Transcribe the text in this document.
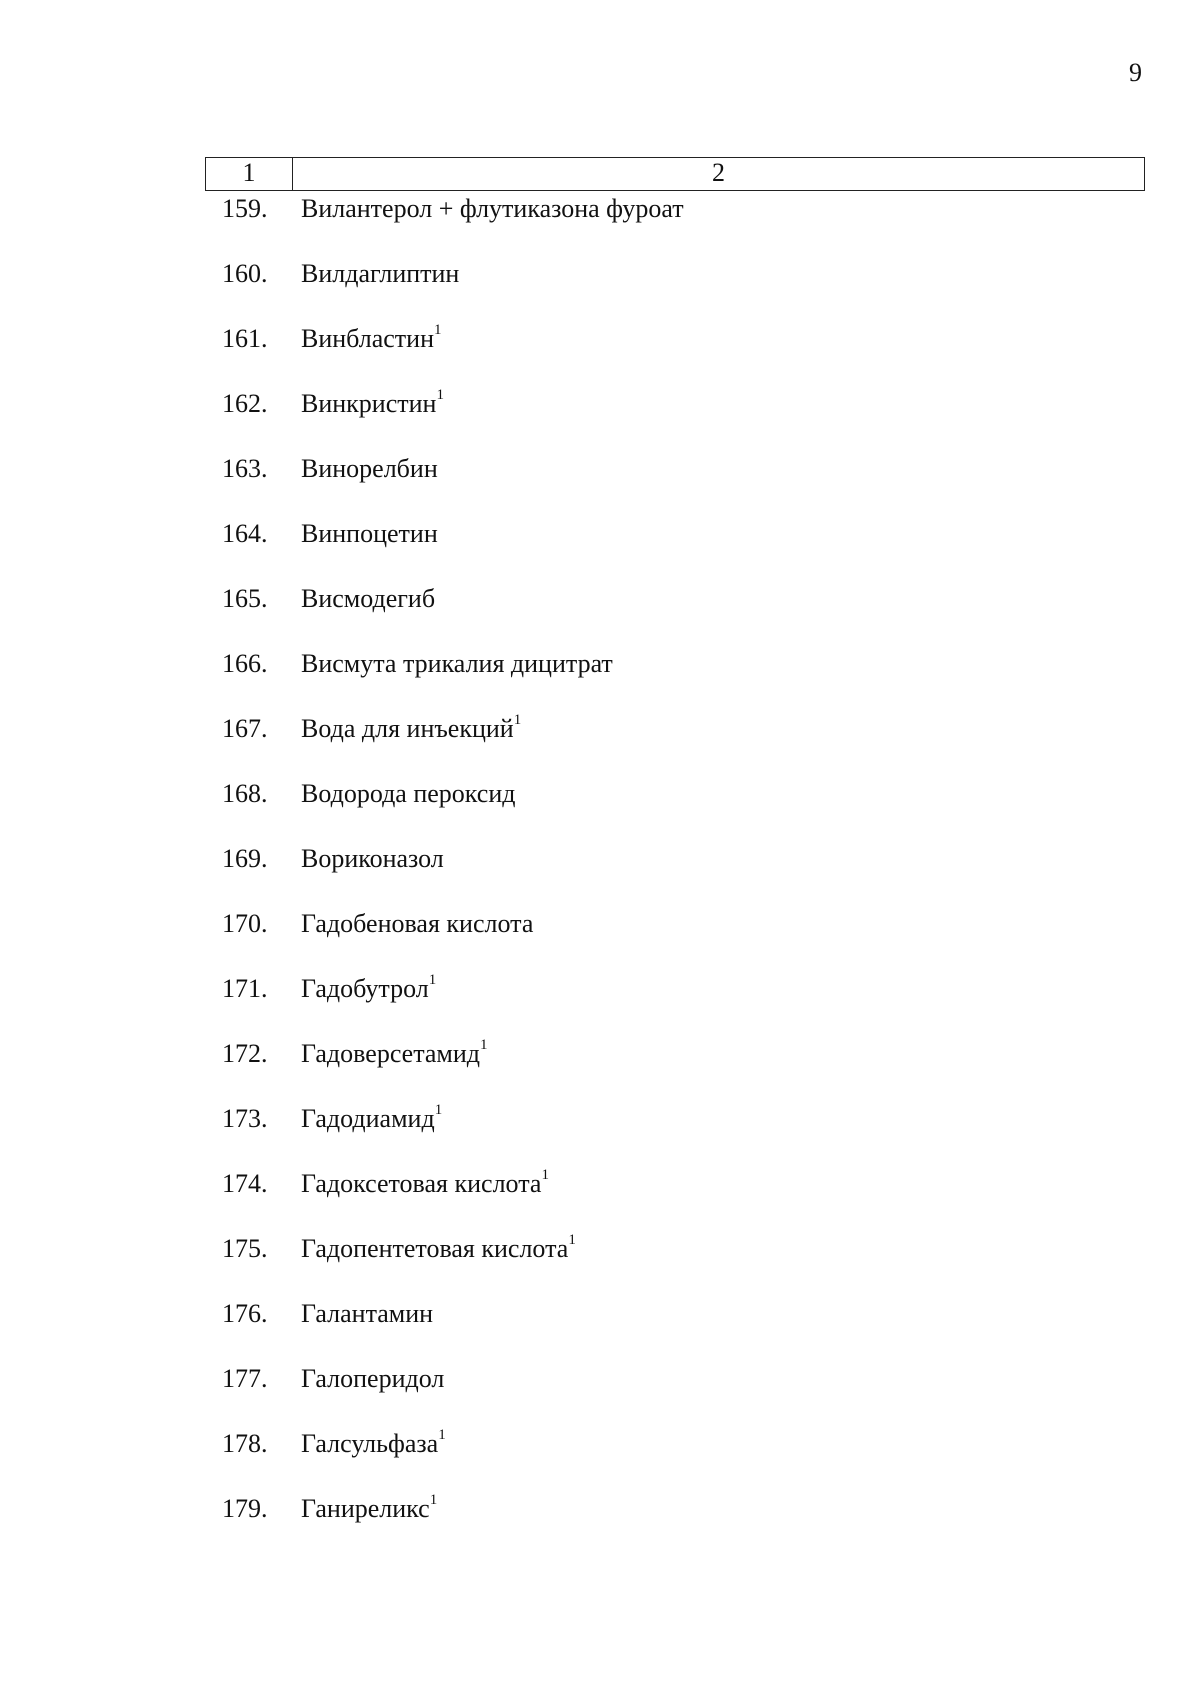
9
1	2
159. Вилантерол + флутиказона фуроат
160. Вилдаглиптин
161. Винбластин$^1$
162. Винкристин$^1$
163. Винорелбин
164. Винпоцетин
165. Висмодегиб
166. Висмута трикалия дицитрат
167. Вода для инъекций$^1$
168. Водорода пероксид
169. Вориконазол
170. Гадобеновая кислота
171. Гадобутрол$^1$
172. Гадоверсетамид$^1$
173. Гадодиамид$^1$
174. Гадоксетовая кислота$^1$
175. Гадопентетовая кислота$^1$
176. Галантамин
177. Галоперидол
178. Галсульфаза$^1$
179. Ганиреликс$^1$
